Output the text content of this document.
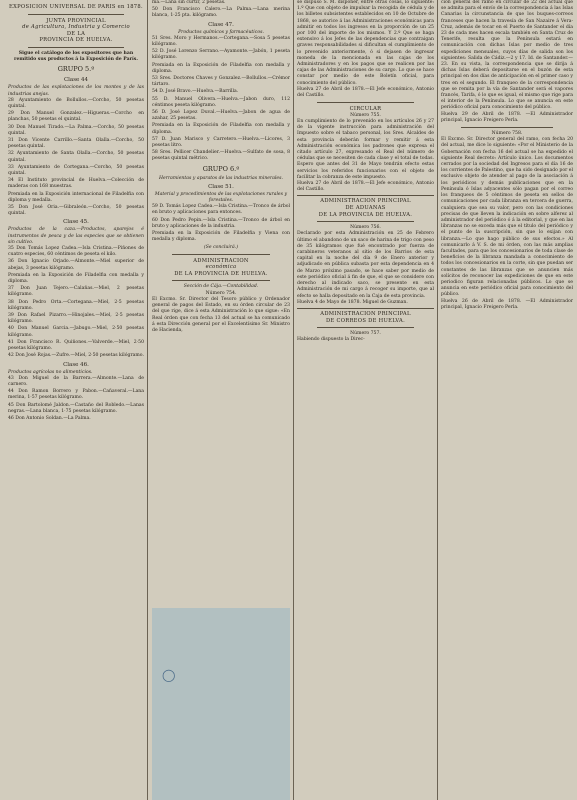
EXPOSICION UNIVERSAL DE PARIS en 1878.
JUNTA PROVINCIAL
de Agricultura, Industria y Comercio
DE LA
PROVINCIA DE HUELVA.

Sigue el catálogo de los expositores que han remitido sus productos á la Exposición de París.

GRUPO 5.º
Clase 44

Productos de las explotaciones de los montes y de las industrias anejas.

28 Ayuntamiento de Bollullos.—Corcho, 50 pesetas quintal.

29 Don Manuel Gonzalez.—Higueras.—Corcho en planchas, 50 pesetas el quintal.

30 Don Manuel Tirado.—La Palma.—Corcho, 50 pesetas quintal.

31 Don Vicente Carrillo.—Santa Olalla.—Corcho, 50 pesetas quintal.

32 Ayuntamiento de Santa Olalla.—Corcho, 50 pesetas quintal.

33 Ayuntamiento de Cortegana.—Corcho, 50 pesetas quintal.

34 El Instituto provincial de Huelva.—Colección de maderas con 168 muestras.

Premiada en la Exposición internacional de Filadelfia con diploma y medalla.

35 Don José Oria.—Gibraleón.—Corcho, 50 pesetas quintal.

Clase 45.

Productos de la caza.—Productos, aparejos é instrumentos de pesca y de las especies que se obtienen sin cultivo.

35 Don Tomás Lopez Cadea.—Isla Cristina.—Piñones de cuatro especies, 60 céntimos de peseta el kilo.

36 Don Ignacio Orjado.—Almonte.—Miel superior de abejas, 3 pesetas kilógramo.

Premiada en la Exposición de Filadelfia con medalla y diploma.

37 Don Juan Tejero.—Calañas.—Miel, 2 pesetas kilógramo.

38 Don Pedro Orta.—Cortegana.—Miel, 2·5 pesetas kilógramo.

39 Don Rafael Pizarro.—Hinojales.—Miel, 2·5 pesetas kilógramo.

40 Don Manuel Garcia.—Jabugo.—Miel, 2·50 pesetas kilógramo.

41 Don Francisco R. Quiñones.—Valverde.—Miel, 2·50 pesetas kilógramo.

42 Don José Rojas.—Zufre.—Miel, 2·50 pesetas kilógramo.

Clase 46.

Productos agrícolas no alimenticios.

43 Don Miguel de la Barrera.—Almonte.—Lana de carnero.

44 Don Ramon Borrero y Pabon.—Cañaveral.—Lana merina, 1·57 pesetas kilógramo.

45 Don Bartolomé Jaldon.—Castaño del Robledo.—Lanas negras.—Lana blanca, 1·75 pesetas kilógramo.

46 Don Antonio Soldan.—La Palma.

ma.—Lana sin curtir, 2 pesetas.

50 Don Francisco Calero.—La Palma.—Lana merina blanca, 1·25 pta. kilógramo.

Clase 47.

Productos químicos y farmacéuticos.

51 Sres. Moro y Hermanos.—Cortegana.—Sosa 5 pesetas kilógramo.

52 D. José Lorenzo Serrano.—Ayamonte.—Jabón, 1 peseta kilógramo.

Premiada en la Exposición de Filadelfia con medalla y diploma.

53 Sres. Doctores Chaves y Gonzalez.—Bollullos.—Crémor tártaro.

54 D. José Bravo.—Huelva.—Barrilla.

55 D. Manuel Olivera.—Huelva.—Jabon duro, 112 céntimos peseta kilógramo.

56 D. José Lopez Duval.—Huelva.—Jabon de agua de azahar, 25 pesetas.

Premiada en la Exposición de Filadelfia con medalla y diploma.

57 D. Juan Marisco y Carretero.—Huelva.—Licores, 3 pesetas litro.

58 Sres. Pellicer Chandelier.—Huelva.—Sulfato de sosa, 8 pesetas quintal métrico.

GRUPO 6.º

Herramientas y aparatos de las industrias minerales.

Clase 51.

Material y procedimientos de las explotaciones rurales y forestales.

59 D. Tomás Lopez Cadea.—Isla Cristina.—Tronco de árbol en bruto y aplicaciones para entonces.

60 Don Pedro Pepin.—Isla Cristina.—Tronco de árbol en bruto y aplicaciones de la industria.

Premiada en la Exposición de Filadelfia y Viena con medalla y diploma.

(Se concluirá.)

ADMINISTRACION
económica
DE LA PROVINCIA DE HUELVA.

Sección de Cája.—Contabilidad.

Número 754.

El Excmo. Sr. Director del Tesoro público y Ordenador general de pagos del Estado, en su órden circular de 23 del que rige, dice á esta Administración lo que sigue: «En Real órden que con fecha 13 del actual se ha comunicado á esta Dirección general por el Excelentísimo Sr. Ministro de Hacienda,

se dispuso S. M. disponer, entre otras cosas, lo siguiente: 1.º Que con objeto de impulsar la recogida de cédula y de los billetes subsistentes establecidos en 10 de Octubre de 1868, se autorice á las Administraciones económicas para admitir en todos los ingresos en la proporción de un 25 por 100 del importe de los mismos. Y 2.º Que se haga extensivo á los Jefes de las dependencias que contraigan graves responsabilidades si dificultan el cumplimiento de lo prevenido anteriormente, ó si dejasen de ingresar moneda de la mencionada en las cajas de los Administradores y en los pagos que se realicen por las cajas de las Administraciones de su cargo. Lo que se hace constar por medio de este Boletín oficial, para conocimiento del público.

Huelva 27 de Abril de 1878.—El Jefe económico, Antonio del Castillo.

CIRCULAR

Número 755.

En cumplimiento de lo prevenido en los artículos 26 y 27 de la vigente instrucción para administración del Impuesto sobre el tabaco personal, los Sres. Alcaldes de esta provincia deberán formar y remitir á esta Administración económica los padrones que expresa el citado artículo 27, expresando el Real del número de cédulas que se necesiten de cada clase y el total de todas. Espero que antes del 31 de Mayo tendrán efecto estas servicios los referidos funcionarios con el objeto de facilitar la cobranza de este impuesto.

Huelva 27 de Abril de 1878.—El Jefe económico, Antonio del Castillo.

ADMINISTRACION PRINCIPAL
DE ADUANAS
DE LA PROVINCIA DE HUELVA.

Número 756.

Declarado por esta Administración en 25 de Febrero último el abandono de un saco de harina de trigo con peso de 35 kilógramos que fué encontrado por fuerza de carabineros veteranos al sitio de los Barrios de esta capital en la noche del día 9 de Enero anterior y adjudicado en pública subasta por esta dependencia en 4 de Marzo próximo pasado, se hace saber por medio de este periódico oficial á fin de que, el que se considere con derecho al indicado saco, se presente en esta Administración de mi cargo á recoger su importe, que al efecto se halla depositado en la Caja de esta provincia.

Huelva 4 de Mayo de 1878. Miguel de Guzman.

ADMINISTRACION PRINCIPAL
DE CORREOS DE HUELVA.

Número 757.

Habiendo dispuesto la Direc-

cion general del ramo en circular de 22 del actual que se admita para el envío de la correspondencia á las Islas Canarias la circunstancia de que los buques-correos franceses que hacen la travesía de San Nazaire á Vera-Cruz, además de tocar en el Puerto de Santander el día 23 de cada mes hacen escala también en Santa Cruz de Tenerife, resulta que la Península estará en comunicación con dichas Islas por medio de tres expediciones mensuales, cuyos días de salida son los siguientes: Salida de Cádiz.—2 y 17. Id. de Santander.—23. En su vista, la correspondencia que se dirija á dichas Islas deberá depositarse en el buzón de esta principal en dos días de anticipación en el primer caso y tres en el segundo. El franqueo de la correspondencia que se remita por la vía de Santander será el vapores francés, Tarifa, ó lo que es igual, el mismo que rige para el interior de la Península. Lo que se anuncia en este periódico oficial para conocimiento del público.

Huelva 29 de Abril de 1878. —El Administrador principal, Ignacio Freigero Perla.

Número 758.

El Excmo. Sr. Director general del ramo, con fecha 20 del actual, me dice lo siguiente: «Por el Ministerio de la Gobernación con fecha 16 del actual se ha expedido el siguiente Real decreto: Artículo único. Los documentos cerrados por la sociedad del Ingresos para el día 16 de los corrientes de Palestino, que ha sido designado por el exclusivo objeto de atender al pago de la asociación á los periódicos y demás publicaciones que en la Península ó Islas adyacentes sólo pagan por el correo los franqueos de 5 céntimos de peseta en sellos de comunicaciones por cada libranza en tercera de guerra, cualquiera que sea su valor, pero con las condiciones precisas de que lleven la indicación en sobre alferez al administrador del periódico ó á la editorial, y que en las libranzas no se exceda más que el título del periódico y el punto de la suscripción, sin que lo exijan con libranza.—Lo que hago público de sus efectos.» Al comunicarlo á V. S. de mi órden, con las más amplias facultades, para que los concesionarios de toda clase de beneficios de la libranza mandada a conocimiento de todos los concesionarios en la corte, sin que puedan ser constantes de las libranzas que se anuncien más solícitos de reconocer las expediciones de que en este periodico figuran relacionadas públicos. Lo que se anuncia en este periódico oficial para conocimiento del público.

Huelva 26 de Abril de 1878. —El Administrador principal, Ignacio Freigero Perla.

◯
